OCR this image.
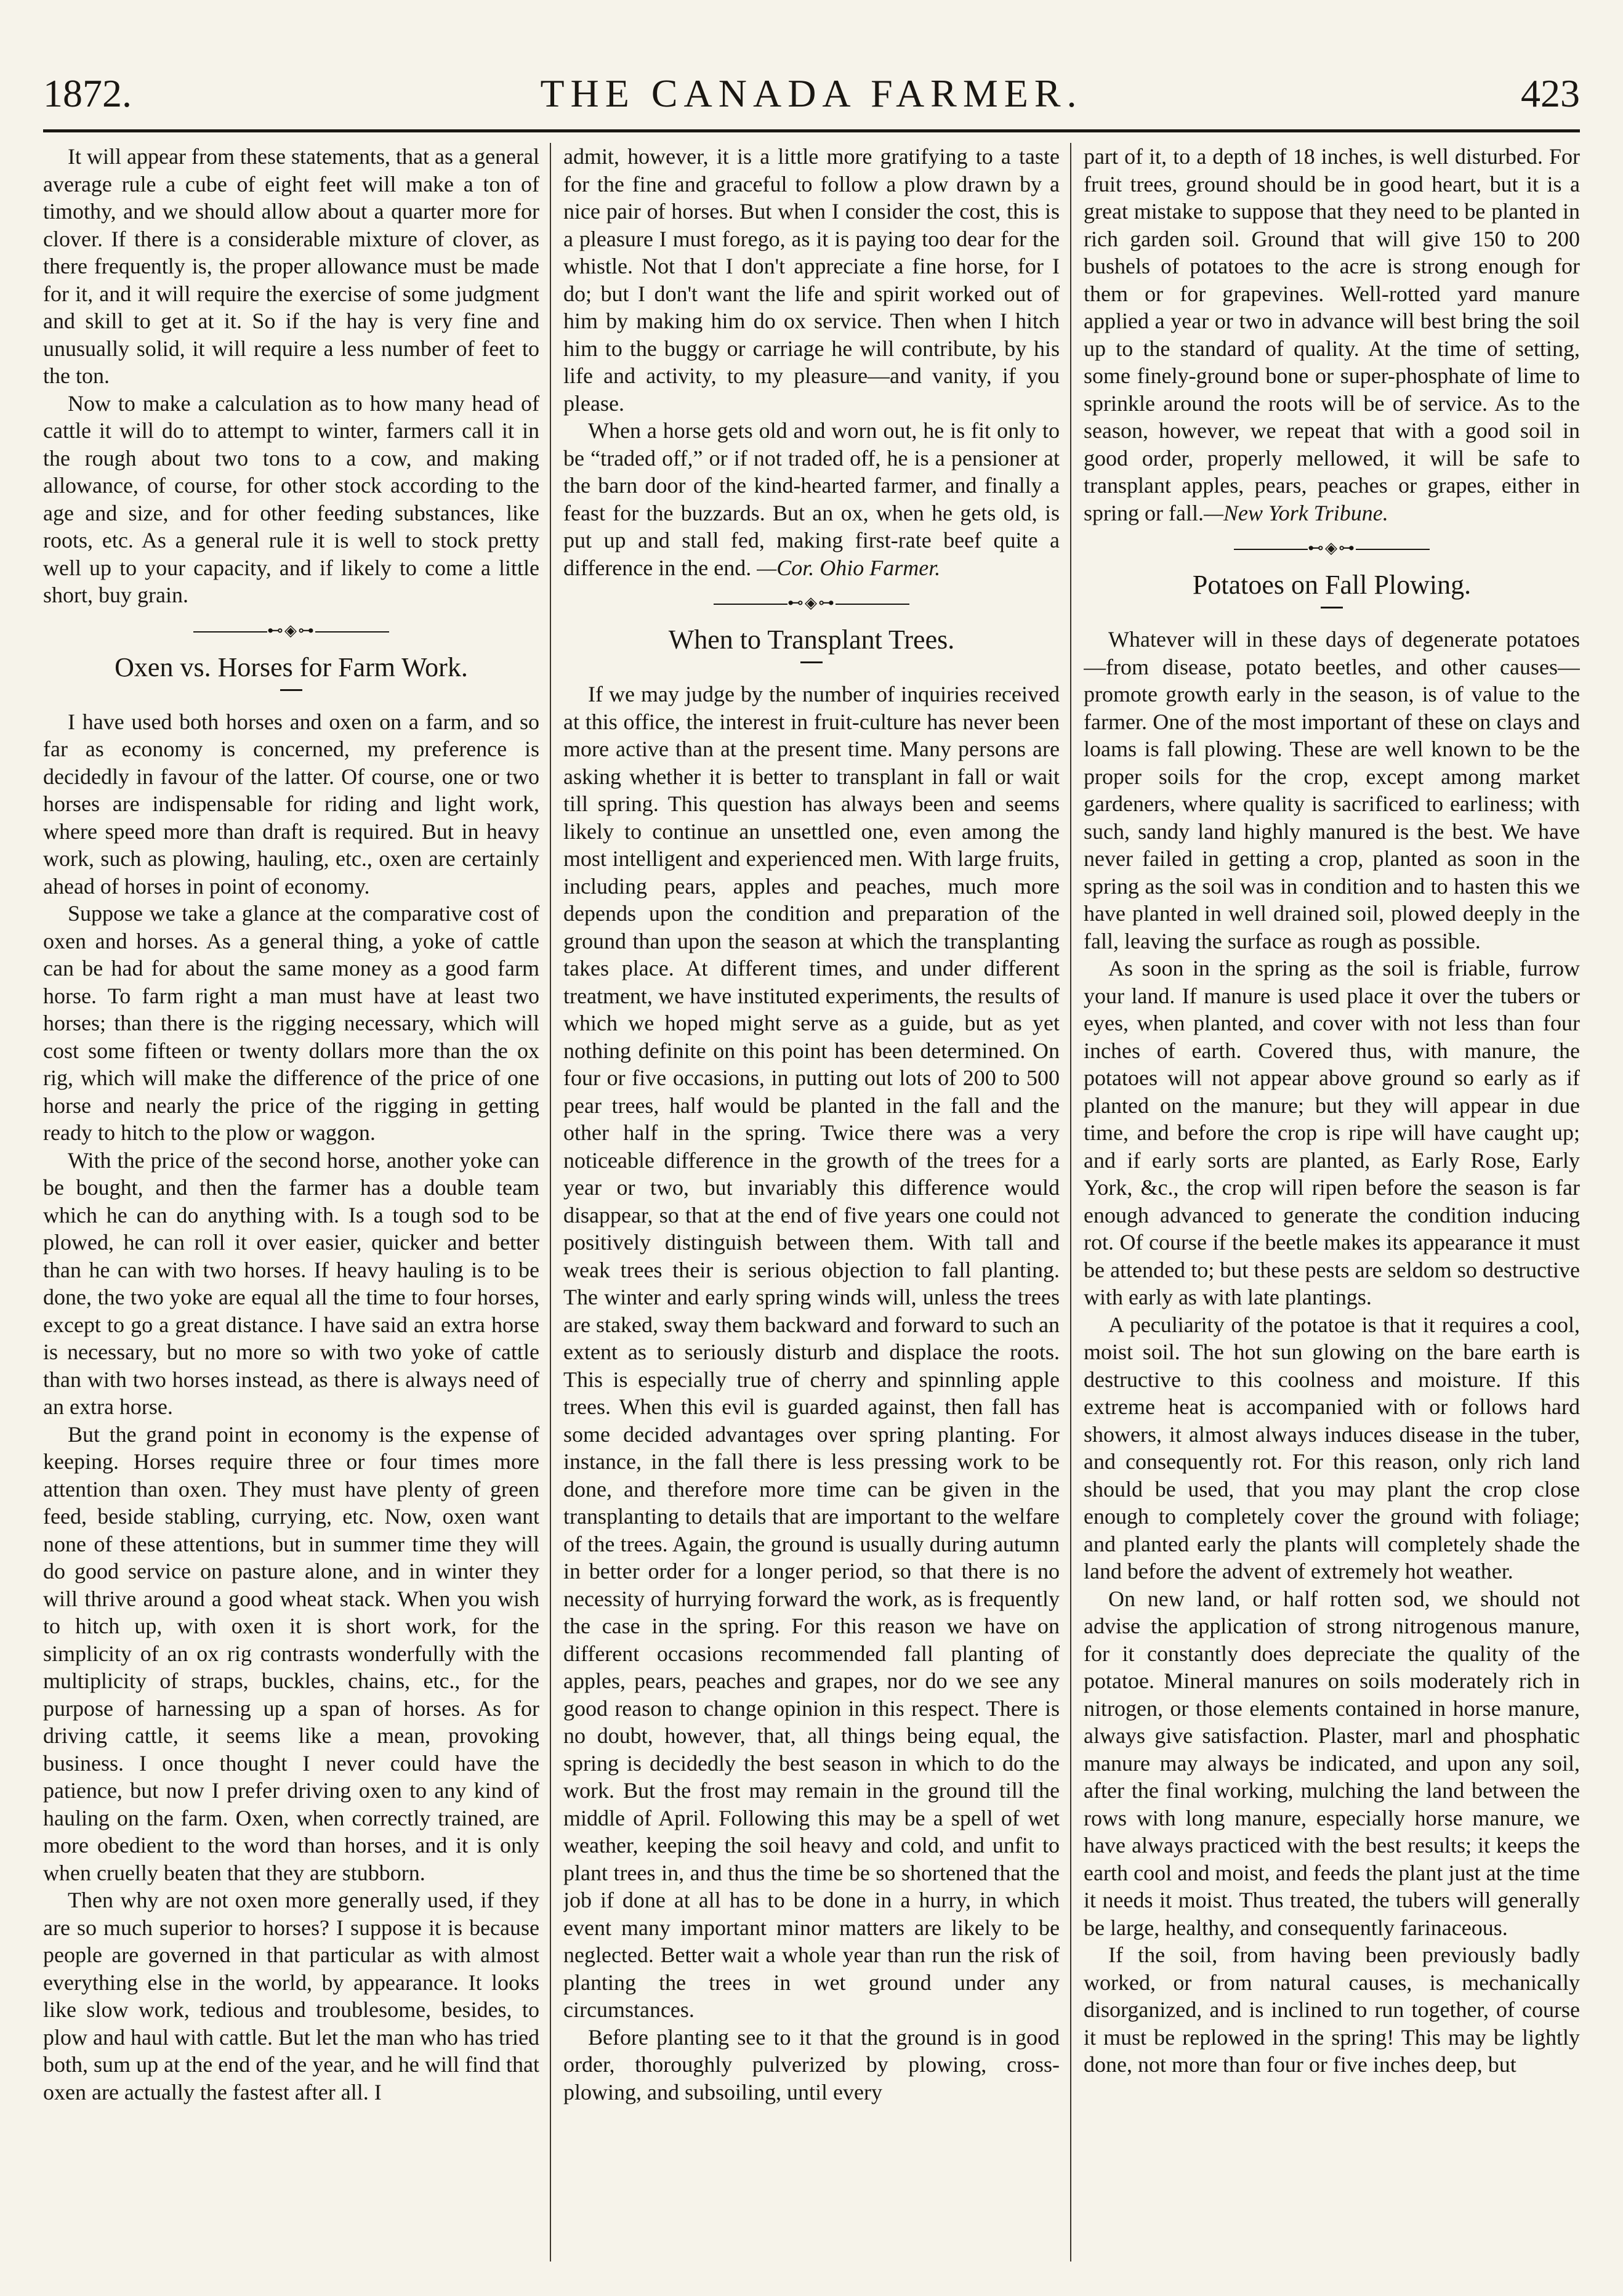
1872.	THE CANADA FARMER.	423

It will appear from these statements, that as a general average rule a cube of eight feet will make a ton of timothy, and we should allow about a quarter more for clover. If there is a considerable mixture of clover, as there frequently is, the proper allowance must be made for it, and it will require the exercise of some judgment and skill to get at it. So if the hay is very fine and unusually solid, it will require a less number of feet to the ton.

Now to make a calculation as to how many head of cattle it will do to attempt to winter, farmers call it in the rough about two tons to a cow, and making allowance, of course, for other stock according to the age and size, and for other feeding substances, like roots, etc. As a general rule it is well to stock pretty well up to your capacity, and if likely to come a little short, buy grain.

⊷◈⊶
Oxen vs. Horses for Farm Work.

I have used both horses and oxen on a farm, and so far as economy is concerned, my preference is decidedly in favour of the latter. Of course, one or two horses are indispensable for riding and light work, where speed more than draft is required. But in heavy work, such as plowing, hauling, etc., oxen are certainly ahead of horses in point of economy.

Suppose we take a glance at the comparative cost of oxen and horses. As a general thing, a yoke of cattle can be had for about the same money as a good farm horse. To farm right a man must have at least two horses; than there is the rigging necessary, which will cost some fifteen or twenty dollars more than the ox rig, which will make the difference of the price of one horse and nearly the price of the rigging in getting ready to hitch to the plow or waggon.

With the price of the second horse, another yoke can be bought, and then the farmer has a double team which he can do anything with. Is a tough sod to be plowed, he can roll it over easier, quicker and better than he can with two horses. If heavy hauling is to be done, the two yoke are equal all the time to four horses, except to go a great distance. I have said an extra horse is necessary, but no more so with two yoke of cattle than with two horses instead, as there is always need of an extra horse.

But the grand point in economy is the expense of keeping. Horses require three or four times more attention than oxen. They must have plenty of green feed, beside stabling, currying, etc. Now, oxen want none of these attentions, but in summer time they will do good service on pasture alone, and in winter they will thrive around a good wheat stack. When you wish to hitch up, with oxen it is short work, for the simplicity of an ox rig contrasts wonderfully with the multiplicity of straps, buckles, chains, etc., for the purpose of harnessing up a span of horses. As for driving cattle, it seems like a mean, provoking business. I once thought I never could have the patience, but now I prefer driving oxen to any kind of hauling on the farm. Oxen, when correctly trained, are more obedient to the word than horses, and it is only when cruelly beaten that they are stubborn.

Then why are not oxen more generally used, if they are so much superior to horses? I suppose it is because people are governed in that particular as with almost everything else in the world, by appearance. It looks like slow work, tedious and troublesome, besides, to plow and haul with cattle. But let the man who has tried both, sum up at the end of the year, and he will find that oxen are actually the fastest after all. I

admit, however, it is a little more gratifying to a taste for the fine and graceful to follow a plow drawn by a nice pair of horses. But when I consider the cost, this is a pleasure I must forego, as it is paying too dear for the whistle. Not that I don't appreciate a fine horse, for I do; but I don't want the life and spirit worked out of him by making him do ox service. Then when I hitch him to the buggy or carriage he will contribute, by his life and activity, to my pleasure—and vanity, if you please.

When a horse gets old and worn out, he is fit only to be “traded off,” or if not traded off, he is a pensioner at the barn door of the kind-hearted farmer, and finally a feast for the buzzards. But an ox, when he gets old, is put up and stall fed, making first-rate beef quite a difference in the end. —Cor. Ohio Farmer.

⊷◈⊶
When to Transplant Trees.

If we may judge by the number of inquiries received at this office, the interest in fruit-culture has never been more active than at the present time. Many persons are asking whether it is better to transplant in fall or wait till spring. This question has always been and seems likely to continue an unsettled one, even among the most intelligent and experienced men. With large fruits, including pears, apples and peaches, much more depends upon the condition and preparation of the ground than upon the season at which the transplanting takes place. At different times, and under different treatment, we have instituted experiments, the results of which we hoped might serve as a guide, but as yet nothing definite on this point has been determined. On four or five occasions, in putting out lots of 200 to 500 pear trees, half would be planted in the fall and the other half in the spring. Twice there was a very noticeable difference in the growth of the trees for a year or two, but invariably this difference would disappear, so that at the end of five years one could not positively distinguish between them. With tall and weak trees their is serious objection to fall planting. The winter and early spring winds will, unless the trees are staked, sway them backward and forward to such an extent as to seriously disturb and displace the roots. This is especially true of cherry and spinnling apple trees. When this evil is guarded against, then fall has some decided advantages over spring planting. For instance, in the fall there is less pressing work to be done, and therefore more time can be given in the transplanting to details that are important to the welfare of the trees. Again, the ground is usually during autumn in better order for a longer period, so that there is no necessity of hurrying forward the work, as is frequently the case in the spring. For this reason we have on different occasions recommended fall planting of apples, pears, peaches and grapes, nor do we see any good reason to change opinion in this respect. There is no doubt, however, that, all things being equal, the spring is decidedly the best season in which to do the work. But the frost may remain in the ground till the middle of April. Following this may be a spell of wet weather, keeping the soil heavy and cold, and unfit to plant trees in, and thus the time be so shortened that the job if done at all has to be done in a hurry, in which event many important minor matters are likely to be neglected. Better wait a whole year than run the risk of planting the trees in wet ground under any circumstances.

Before planting see to it that the ground is in good order, thoroughly pulverized by plowing, cross-plowing, and subsoiling, until every

part of it, to a depth of 18 inches, is well disturbed. For fruit trees, ground should be in good heart, but it is a great mistake to suppose that they need to be planted in rich garden soil. Ground that will give 150 to 200 bushels of potatoes to the acre is strong enough for them or for grapevines. Well-rotted yard manure applied a year or two in advance will best bring the soil up to the standard of quality. At the time of setting, some finely-ground bone or super-phosphate of lime to sprinkle around the roots will be of service. As to the season, however, we repeat that with a good soil in good order, properly mellowed, it will be safe to transplant apples, pears, peaches or grapes, either in spring or fall.—New York Tribune.

⊷◈⊶
Potatoes on Fall Plowing.

Whatever will in these days of degenerate potatoes—from disease, potato beetles, and other causes—promote growth early in the season, is of value to the farmer. One of the most important of these on clays and loams is fall plowing. These are well known to be the proper soils for the crop, except among market gardeners, where quality is sacrificed to earliness; with such, sandy land highly manured is the best. We have never failed in getting a crop, planted as soon in the spring as the soil was in condition and to hasten this we have planted in well drained soil, plowed deeply in the fall, leaving the surface as rough as possible.

As soon in the spring as the soil is friable, furrow your land. If manure is used place it over the tubers or eyes, when planted, and cover with not less than four inches of earth. Covered thus, with manure, the potatoes will not appear above ground so early as if planted on the manure; but they will appear in due time, and before the crop is ripe will have caught up; and if early sorts are planted, as Early Rose, Early York, &c., the crop will ripen before the season is far enough advanced to generate the condition inducing rot. Of course if the beetle makes its appearance it must be attended to; but these pests are seldom so destructive with early as with late plantings.

A peculiarity of the potatoe is that it requires a cool, moist soil. The hot sun glowing on the bare earth is destructive to this coolness and moisture. If this extreme heat is accompanied with or follows hard showers, it almost always induces disease in the tuber, and consequently rot. For this reason, only rich land should be used, that you may plant the crop close enough to completely cover the ground with foliage; and planted early the plants will completely shade the land before the advent of extremely hot weather.

On new land, or half rotten sod, we should not advise the application of strong nitrogenous manure, for it constantly does depreciate the quality of the potatoe. Mineral manures on soils moderately rich in nitrogen, or those elements contained in horse manure, always give satisfaction. Plaster, marl and phosphatic manure may always be indicated, and upon any soil, after the final working, mulching the land between the rows with long manure, especially horse manure, we have always practiced with the best results; it keeps the earth cool and moist, and feeds the plant just at the time it needs it moist. Thus treated, the tubers will generally be large, healthy, and consequently farinaceous.

If the soil, from having been previously badly worked, or from natural causes, is mechanically disorganized, and is inclined to run together, of course it must be replowed in the spring! This may be lightly done, not more than four or five inches deep, but
